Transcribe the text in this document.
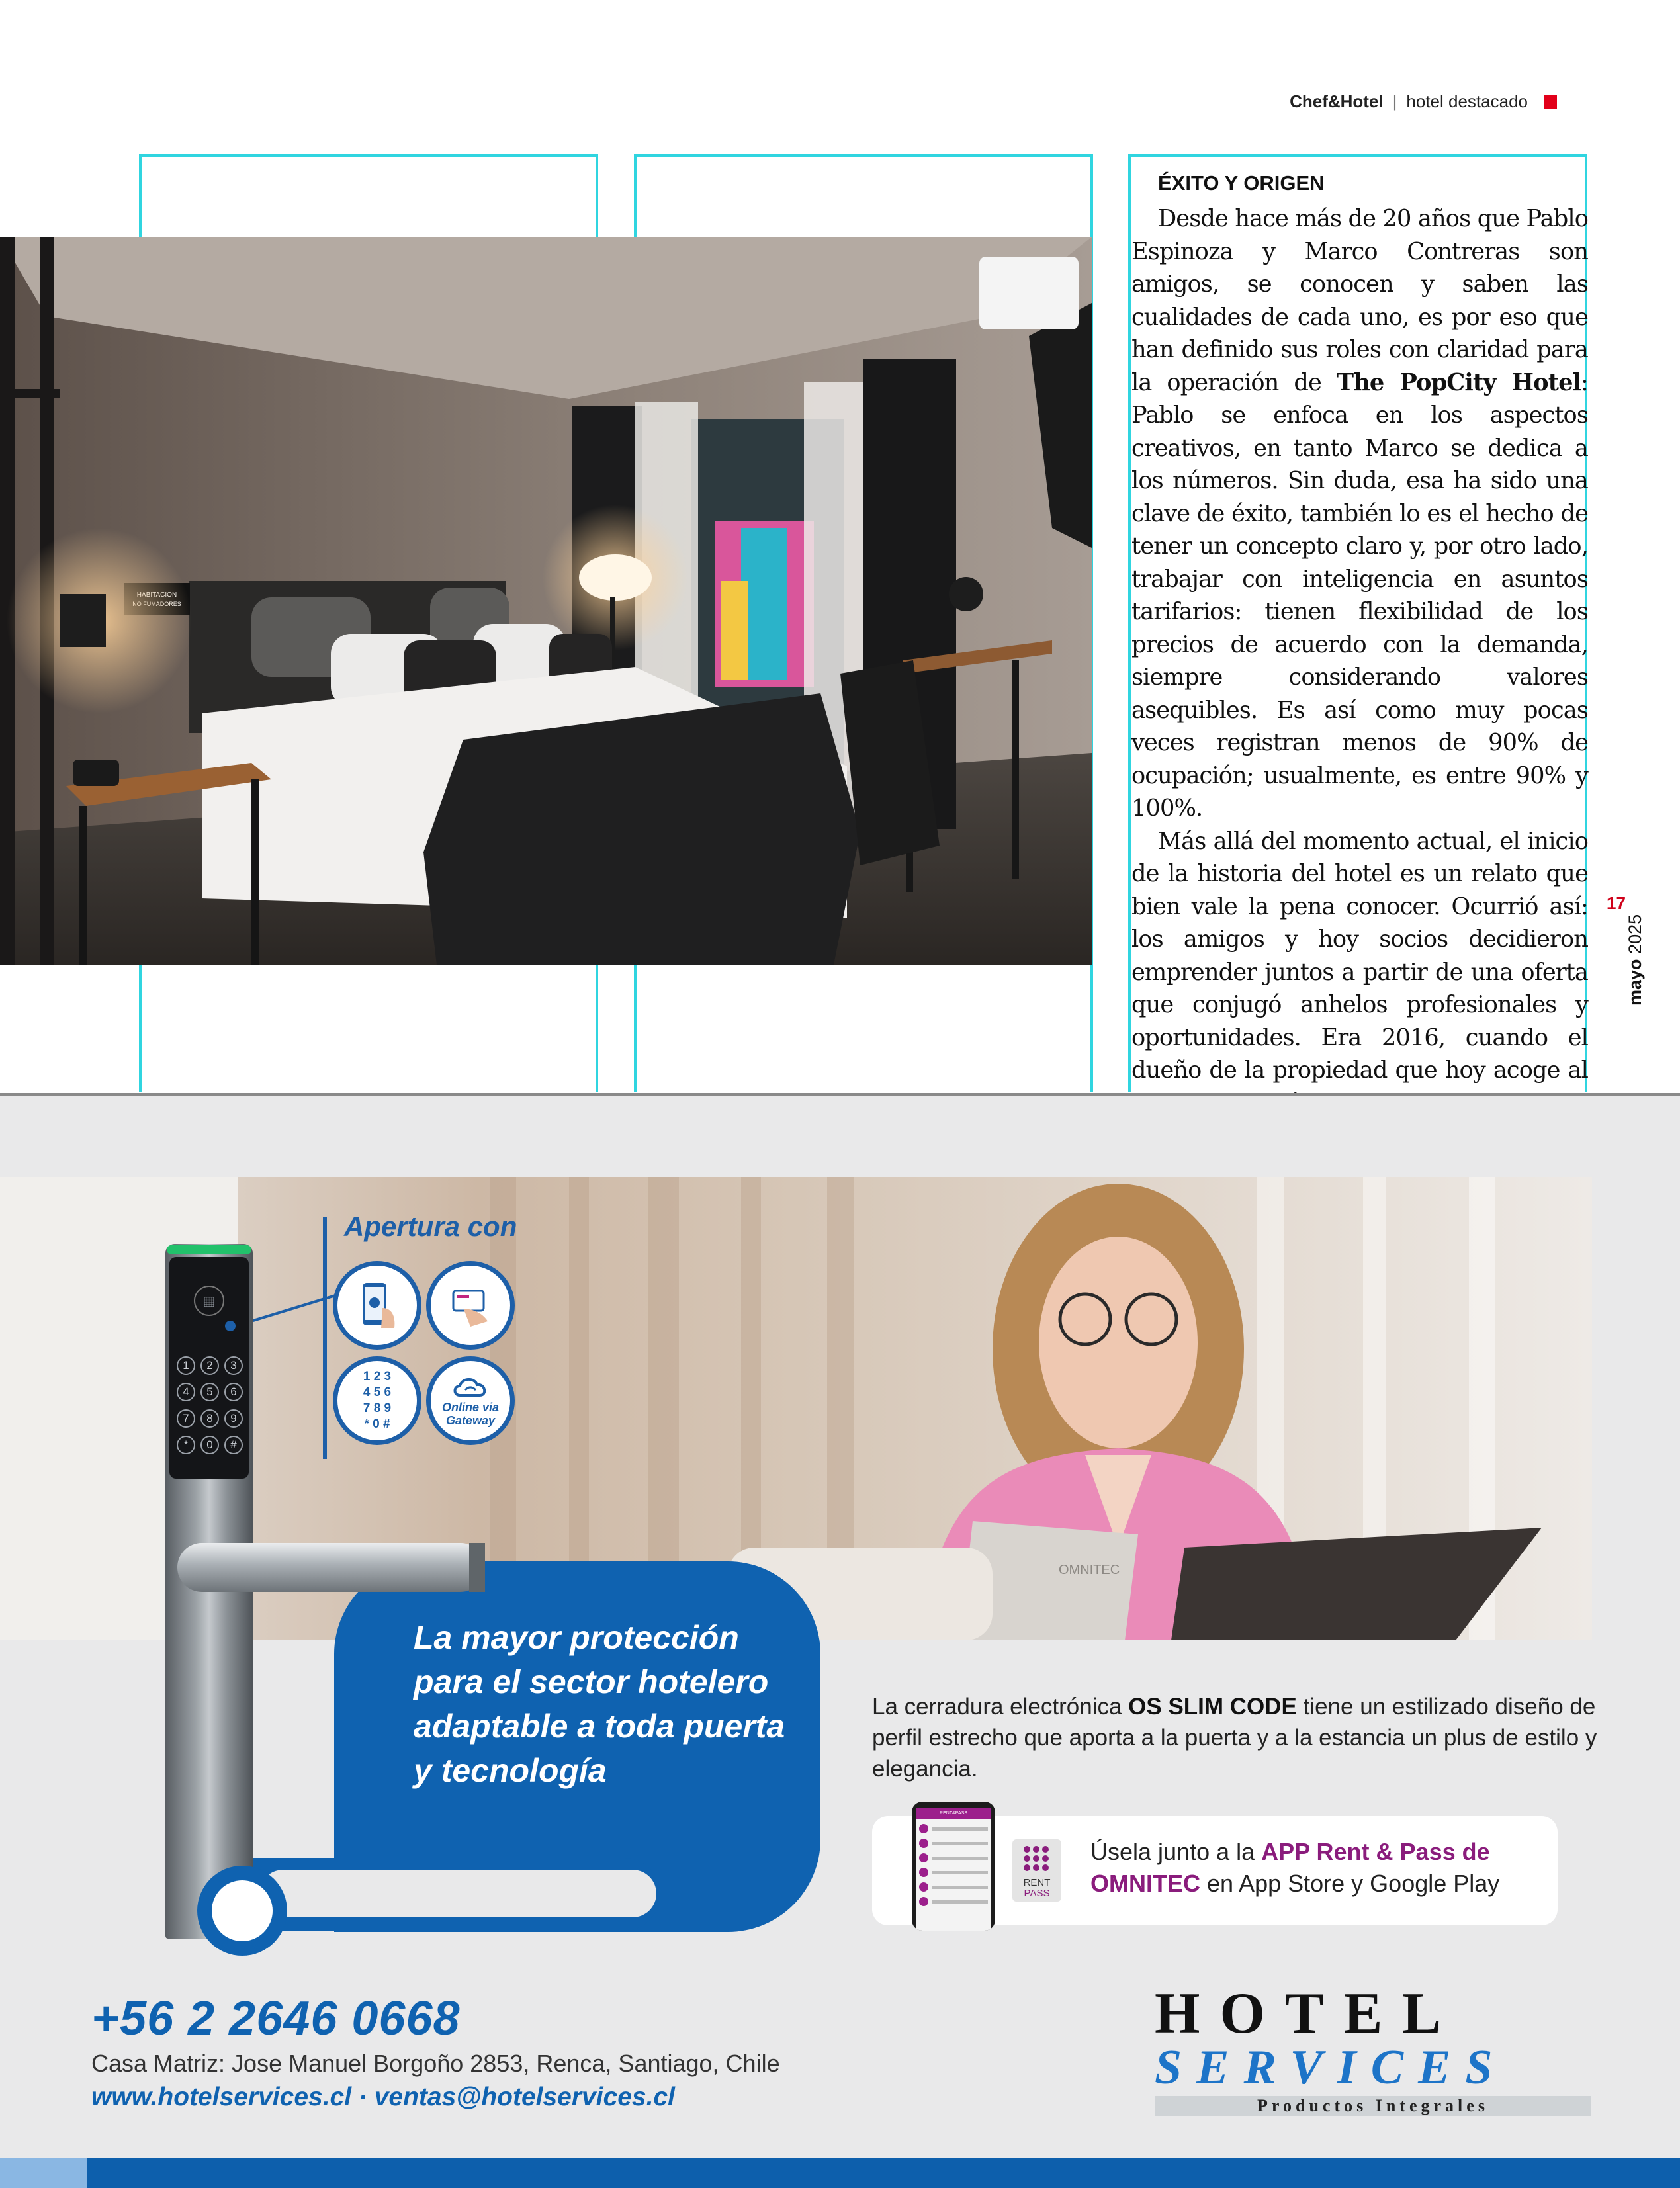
Chef&Hotel | hotel destacado
ÉXITO Y ORIGEN

Desde hace más de 20 años que Pablo Espinoza y Marco Contreras son amigos, se conocen y saben las cualidades de cada uno, es por eso que han definido sus roles con claridad para la operación de The PopCity Hotel: Pablo se enfoca en los aspectos creativos, en tanto Marco se dedica a los números. Sin duda, esa ha sido una clave de éxito, también lo es el hecho de tener un concepto claro y, por otro lado, trabajar con inteligencia en asuntos tarifarios: tienen flexibilidad de los precios de acuerdo con la demanda, siempre considerando valores asequibles. Es así como muy pocas veces registran menos de 90% de ocupación; usualmente, es entre 90% y 100%.

Más allá del momento actual, el inicio de la historia del hotel es un relato que bien vale la pena conocer. Ocurrió así: los amigos y hoy socios decidieron emprender juntos a partir de una oferta que conjugó anhelos profesionales y oportunidades. Era 2016, cuando el dueño de la propiedad que hoy acoge al

17
mayo 2025
OMNITEC
Apertura con
1 2 3
4 5 6
7 8 9
* 0 #
Online via
Gateway
La mayor protección para el sector hotelero adaptable a toda puerta y tecnología
▦
1	2	3
4	5	6
7	8	9
*	0	#
La cerradura electrónica OS SLIM CODE tiene un estilizado diseño de perfil estrecho que aporta a la puerta y a la estancia un plus de estilo y elegancia.
RENT&PASS
RENT
PASS
Úsela junto a la APP Rent & Pass de OMNITEC en App Store y Google Play
+56 2 2646 0668
Casa Matriz: Jose Manuel Borgoño 2853, Renca, Santiago, Chile
www.hotelservices.cl · ventas@hotelservices.cl
HOTEL
SERVICES
Productos Integrales
